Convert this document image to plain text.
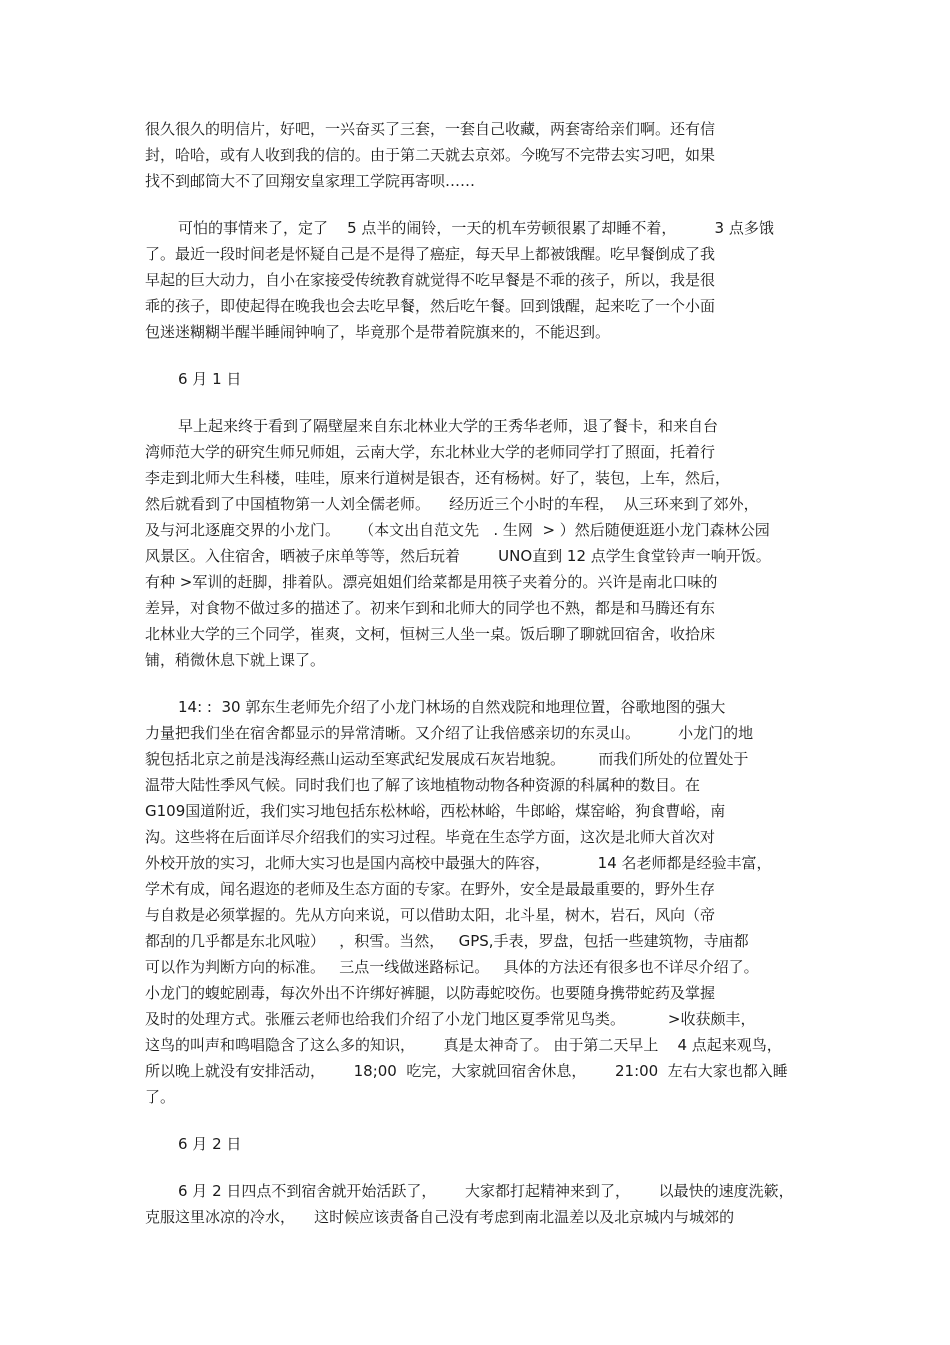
很久很久的明信片，好吧，一兴奋买了三套，一套自己收藏，两套寄给亲们啊。还有信
封，哈哈，或有人收到我的信的。由于第二天就去京郊。今晚写不完带去实习吧，如果
找不到邮筒大不了回翔安皇家理工学院再寄呗……
可怕的事情来了，定了    5 点半的闹铃，一天的机车劳顿很累了却睡不着，        3 点多饿
了。最近一段时间老是怀疑自己是不是得了癌症，每天早上都被饿醒。吃早餐倒成了我
早起的巨大动力，自小在家接受传统教育就觉得不吃早餐是不乖的孩子，所以，我是很
乖的孩子，即使起得在晚我也会去吃早餐，然后吃午餐。回到饿醒，起来吃了一个小面
包迷迷糊糊半醒半睡闹钟响了，毕竟那个是带着院旗来的，不能迟到。
6 月 1 日
早上起来终于看到了隔壁屋来自东北林业大学的王秀华老师，退了餐卡，和来自台
湾师范大学的研究生师兄师姐，云南大学，东北林业大学的老师同学打了照面，托着行
李走到北师大生科楼，哇哇，原来行道树是银杏，还有杨树。好了，装包，上车，然后，
然后就看到了中国植物第一人刘全儒老师。    经历近三个小时的车程，  从三环来到了郊外，
及与河北逐鹿交界的小龙门。    （本文出自范文先   . 生网  > ）然后随便逛逛小龙门森林公园
风景区。入住宿舍，晒被子床单等等，然后玩着        UNO直到 12 点学生食堂铃声一响开饭。
有种 >军训的赶脚，排着队。漂亮姐姐们给菜都是用筷子夹着分的。兴许是南北口味的
差异，对食物不做过多的描述了。初来乍到和北师大的同学也不熟，都是和马腾还有东
北林业大学的三个同学，崔爽，文柯，恒树三人坐一桌。饭后聊了聊就回宿舍，收拾床
铺，稍微休息下就上课了。
14: :  30 郭东生老师先介绍了小龙门林场的自然戏院和地理位置，谷歌地图的强大
力量把我们坐在宿舍都显示的异常清晰。又介绍了让我倍感亲切的东灵山。        小龙门的地
貌包括北京之前是浅海经燕山运动至寒武纪发展成石灰岩地貌。       而我们所处的位置处于
温带大陆性季风气候。同时我们也了解了该地植物动物各种资源的科属种的数目。在
G109国道附近，我们实习地包括东松林峪，西松林峪，牛郎峪，煤窑峪，狗食曹峪，南
沟。这些将在后面详尽介绍我们的实习过程。毕竟在生态学方面，这次是北师大首次对
外校开放的实习，北师大实习也是国内高校中最强大的阵容，          14 名老师都是经验丰富，
学术有成，闻名遐迩的老师及生态方面的专家。在野外，安全是最最重要的，野外生存
与自救是必须掌握的。先从方向来说，可以借助太阳，北斗星，树木，岩石，风向（帝
都刮的几乎都是东北风啦）   ，积雪。当然，   GPS,手表，罗盘，包括一些建筑物，寺庙都
可以作为判断方向的标准。   三点一线做迷路标记。   具体的方法还有很多也不详尽介绍了。
小龙门的蝮蛇剧毒，每次外出不许绑好裤腿，以防毒蛇咬伤。也要随身携带蛇药及掌握
及时的处理方式。张雁云老师也给我们介绍了小龙门地区夏季常见鸟类。         >收获颇丰，
这鸟的叫声和鸣唱隐含了这么多的知识，      真是太神奇了。 由于第二天早上    4 点起来观鸟，
所以晚上就没有安排活动，      18;00  吃完，大家就回宿舍休息，      21:00  左右大家也都入睡
了。
6 月 2 日
6 月 2 日四点不到宿舍就开始活跃了，      大家都打起精神来到了，      以最快的速度洗簌，
克服这里冰凉的冷水，    这时候应该责备自己没有考虑到南北温差以及北京城内与城郊的
